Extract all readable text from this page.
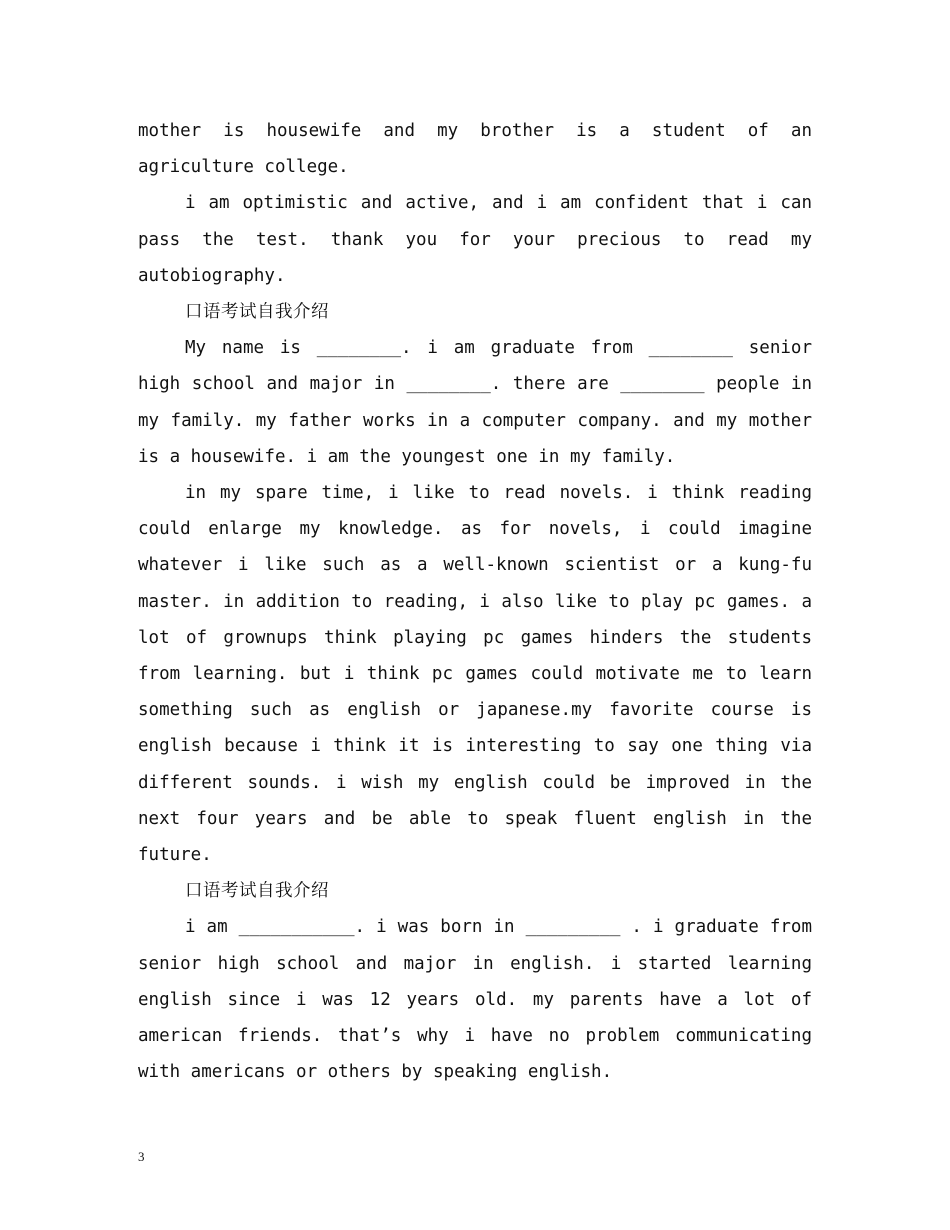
mother is housewife and my brother is a student of an agriculture college.

i am optimistic and active, and i am confident that i can pass the test. thank you for your precious to read my autobiography.

口语考试自我介绍

My name is ________. i am graduate from ________ senior high school and major in ________. there are ________ people in my family. my father works in a computer company. and my mother is a housewife. i am the youngest one in my family.

in my spare time, i like to read novels. i think reading could enlarge my knowledge. as for novels, i could imagine whatever i like such as a well-known scientist or a kung-fu master. in addition to reading, i also like to play pc games. a lot of grownups think playing pc games hinders the students from learning. but i think pc games could motivate me to learn something such as english or japanese.my favorite course is english because i think it is interesting to say one thing via different sounds. i wish my english could be improved in the next four years and be able to speak fluent english in the future.

口语考试自我介绍

i am ___________. i was born in _________ . i graduate from senior high school and major in english. i started learning english since i was 12 years old. my parents have a lot of american friends. that’s why i have no problem communicating with americans or others by speaking english.

3
